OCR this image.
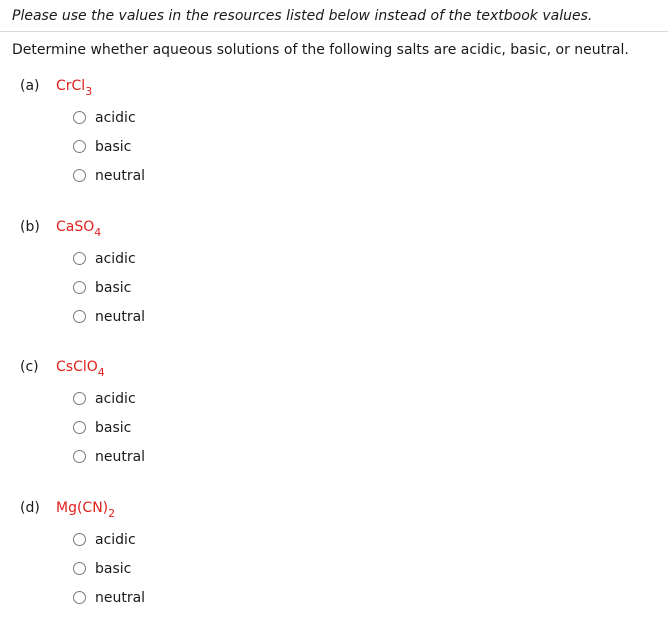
Please use the values in the resources listed below instead of the textbook values.
Determine whether aqueous solutions of the following salts are acidic, basic, or neutral.
(a) CrCl$_3$
acidic
basic
neutral
(b) CaSO$_4$
acidic
basic
neutral
(c) CsClO$_4$
acidic
basic
neutral
(d) $Mg(CN)_2$
acidic
basic
neutral
